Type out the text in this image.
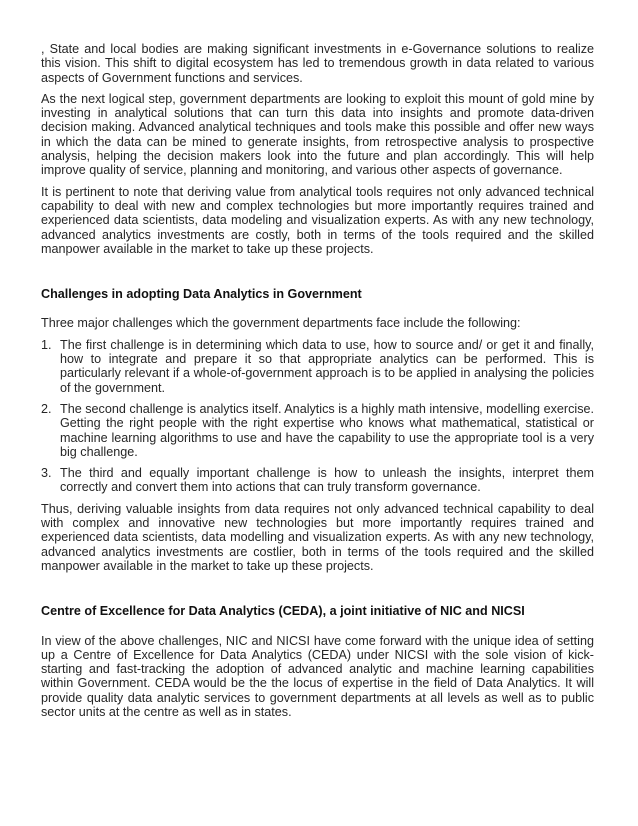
, State and local bodies are making significant investments in e-Governance solutions to realize this vision. This shift to digital ecosystem has led to tremendous growth in data related to various aspects of Government functions and services.

As the next logical step, government departments are looking to exploit this mount of gold mine by investing in analytical solutions that can turn this data into insights and promote data-driven decision making. Advanced analytical techniques and tools make this possible and offer new ways in which the data can be mined to generate insights, from retrospective analysis to prospective analysis, helping the decision makers look into the future and plan accordingly. This will help improve quality of service, planning and monitoring, and various other aspects of governance.

It is pertinent to note that deriving value from analytical tools requires not only advanced technical capability to deal with new and complex technologies but more importantly requires trained and experienced data scientists, data modeling and visualization experts. As with any new technology, advanced analytics investments are costly, both in terms of the tools required and the skilled manpower available in the market to take up these projects.

Challenges in adopting Data Analytics in Government

Three major challenges which the government departments face include the following:

1. The first challenge is in determining which data to use, how to source and/ or get it and finally, how to integrate and prepare it so that appropriate analytics can be performed. This is particularly relevant if a whole-of-government approach is to be applied in analysing the policies of the government.
2. The second challenge is analytics itself. Analytics is a highly math intensive, modelling exercise. Getting the right people with the right expertise who knows what mathematical, statistical or machine learning algorithms to use and have the capability to use the appropriate tool is a very big challenge.
3. The third and equally important challenge is how to unleash the insights, interpret them correctly and convert them into actions that can truly transform governance.

Thus, deriving valuable insights from data requires not only advanced technical capability to deal with complex and innovative new technologies but more importantly requires trained and experienced data scientists, data modelling and visualization experts. As with any new technology, advanced analytics investments are costlier, both in terms of the tools required and the skilled manpower available in the market to take up these projects.

Centre of Excellence for Data Analytics (CEDA), a joint initiative of NIC and NICSI

In view of the above challenges, NIC and NICSI have come forward with the unique idea of setting up a Centre of Excellence for Data Analytics (CEDA) under NICSI with the sole vision of kick-starting and fast-tracking the adoption of advanced analytic and machine learning capabilities within Government. CEDA would be the the locus of expertise in the field of Data Analytics. It will provide quality data analytic services to government departments at all levels as well as to public sector units at the centre as well as in states.
